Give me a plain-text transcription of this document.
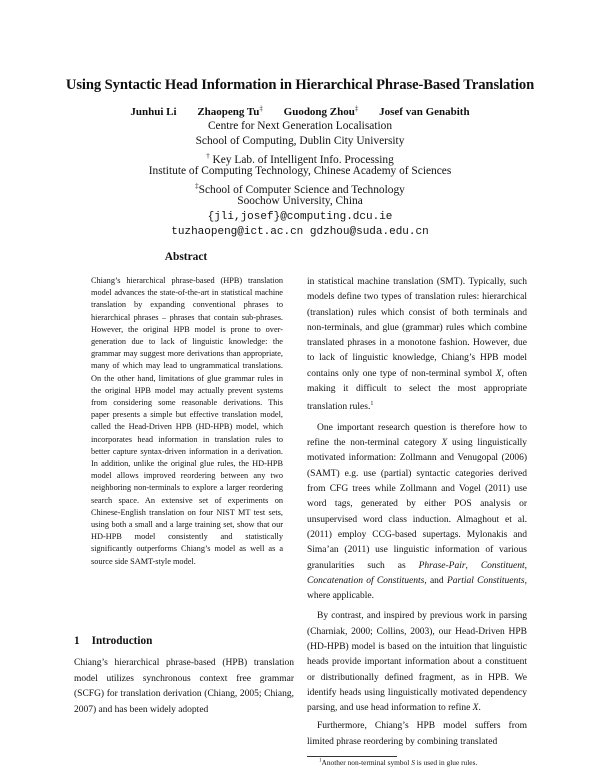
Using Syntactic Head Information in Hierarchical Phrase-Based Translation
Junhui Li Zhaopeng Tu‡ Guodong Zhou‡ Josef van Genabith
Centre for Next Generation Localisation
School of Computing, Dublin City University
† Key Lab. of Intelligent Info. Processing
Institute of Computing Technology, Chinese Academy of Sciences
‡School of Computer Science and Technology
Soochow University, China
{jli,josef}@computing.dcu.ie
tuzhaopeng@ict.ac.cn gdzhou@suda.edu.cn
Abstract

Chiang’s hierarchical phrase-based (HPB) translation model advances the state-of-the-art in statistical machine translation by expanding conventional phrases to hierarchical phrases – phrases that contain sub-phrases. However, the original HPB model is prone to over-generation due to lack of linguistic knowledge: the grammar may suggest more derivations than appropriate, many of which may lead to ungrammatical translations. On the other hand, limitations of glue grammar rules in the original HPB model may actually prevent systems from considering some reasonable derivations. This paper presents a simple but effective translation model, called the Head-Driven HPB (HD-HPB) model, which incorporates head information in translation rules to better capture syntax-driven information in a derivation. In addition, unlike the original glue rules, the HD-HPB model allows improved reordering between any two neighboring non-terminals to explore a larger reordering search space. An extensive set of experiments on Chinese-English translation on four NIST MT test sets, using both a small and a large training set, show that our HD-HPB model consistently and statistically significantly outperforms Chiang’s model as well as a source side SAMT-style model.

1 Introduction

Chiang’s hierarchical phrase-based (HPB) translation model utilizes synchronous context free grammar (SCFG) for translation derivation (Chiang, 2005; Chiang, 2007) and has been widely adopted

in statistical machine translation (SMT). Typically, such models define two types of translation rules: hierarchical (translation) rules which consist of both terminals and non-terminals, and glue (grammar) rules which combine translated phrases in a monotone fashion. However, due to lack of linguistic knowledge, Chiang’s HPB model contains only one type of non-terminal symbol X, often making it difficult to select the most appropriate translation rules.$^1$

One important research question is therefore how to refine the non-terminal category X using linguistically motivated information: Zollmann and Venugopal (2006) (SAMT) e.g. use (partial) syntactic categories derived from CFG trees while Zollmann and Vogel (2011) use word tags, generated by either POS analysis or unsupervised word class induction. Almaghout et al. (2011) employ CCG-based supertags. Mylonakis and Sima’an (2011) use linguistic information of various granularities such as Phrase-Pair, Constituent, Concatenation of Constituents, and Partial Constituents, where applicable.

By contrast, and inspired by previous work in parsing (Charniak, 2000; Collins, 2003), our Head-Driven HPB (HD-HPB) model is based on the intuition that linguistic heads provide important information about a constituent or distributionally defined fragment, as in HPB. We identify heads using linguistically motivated dependency parsing, and use head information to refine X.

Furthermore, Chiang’s HPB model suffers from limited phrase reordering by combining translated

$^1$Another non-terminal symbol S is used in glue rules.
